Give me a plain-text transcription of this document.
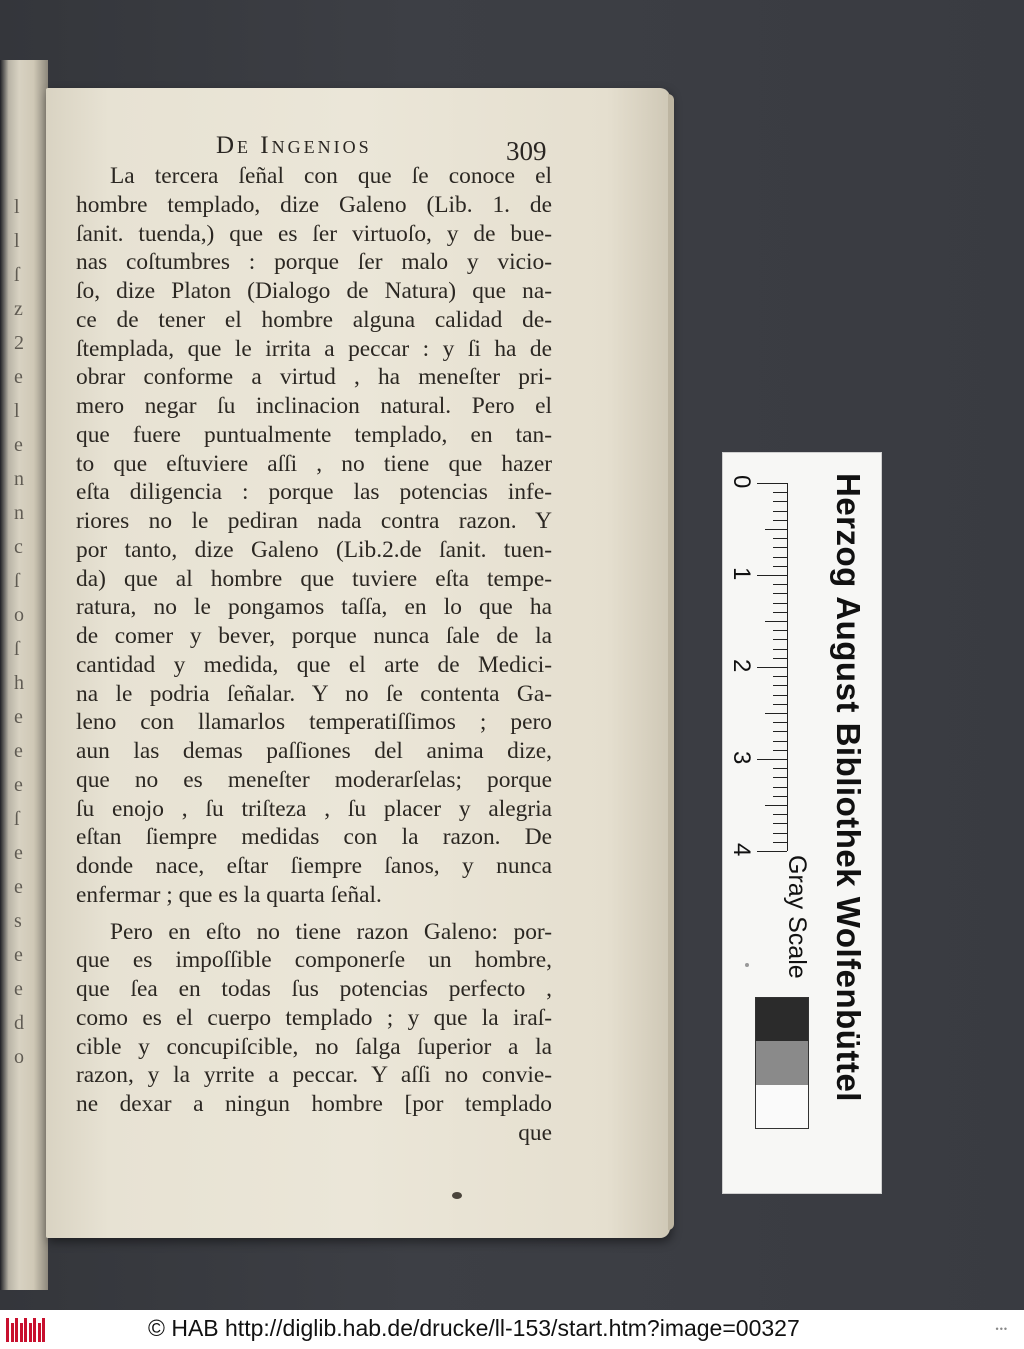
l
l
ſ
z
2
e
l
e
n
n
c
ſ
o
ſ
h
e
e
e
ſ
e
e
s
e
e
d
o
De Ingenios	309
La tercera ſeñal con que ſe conoce el
hombre templado, dize Galeno (Lib. 1. de
ſanit. tuenda,) que es ſer virtuoſo, y de bue-
nas coſtumbres : porque ſer malo y vicio-
ſo, dize Platon (Dialogo de Natura) que na-
ce de tener el hombre alguna calidad de-
ſtemplada, que le irrita a peccar : y ſi ha de
obrar conforme a virtud , ha meneſter pri-
mero negar ſu inclinacion natural. Pero el
que fuere puntualmente templado, en tan-
to que eſtuviere aſſi , no tiene que hazer
eſta diligencia : porque las potencias infe-
riores no le pediran nada contra razon. Y
por tanto, dize Galeno (Lib.2.de ſanit. tuen-
da) que al hombre que tuviere eſta tempe-
ratura, no le pongamos taſſa, en lo que ha
de comer y bever, porque nunca ſale de la
cantidad y medida, que el arte de Medici-
na le podria ſeñalar. Y no ſe contenta Ga-
leno con llamarlos temperatiſſimos ; pero
aun las demas paſſiones del anima dize,
que no es meneſter moderarſelas; porque
ſu enojo , ſu triſteza , ſu placer y alegria
eſtan ſiempre medidas con la razon. De
donde nace, eſtar ſiempre ſanos, y nunca
enfermar ; que es la quarta ſeñal.
Pero en eſto no tiene razon Galeno: por-
que es impoſſible componerſe un hombre,
que ſea en todas ſus potencias perfecto ,
como es el cuerpo templado ; y que la iraſ-
cible y concupiſcible, no ſalga ſuperior a la
razon, y la yrrite a peccar. Y aſſi no convie-
ne dexar a ningun hombre [por templado
que
Herzog August Bibliothek Wolfenbüttel
0
1
2
3
4
Gray Scale
© HAB http://diglib.hab.de/drucke/ll-153/start.htm?image=00327	•••
